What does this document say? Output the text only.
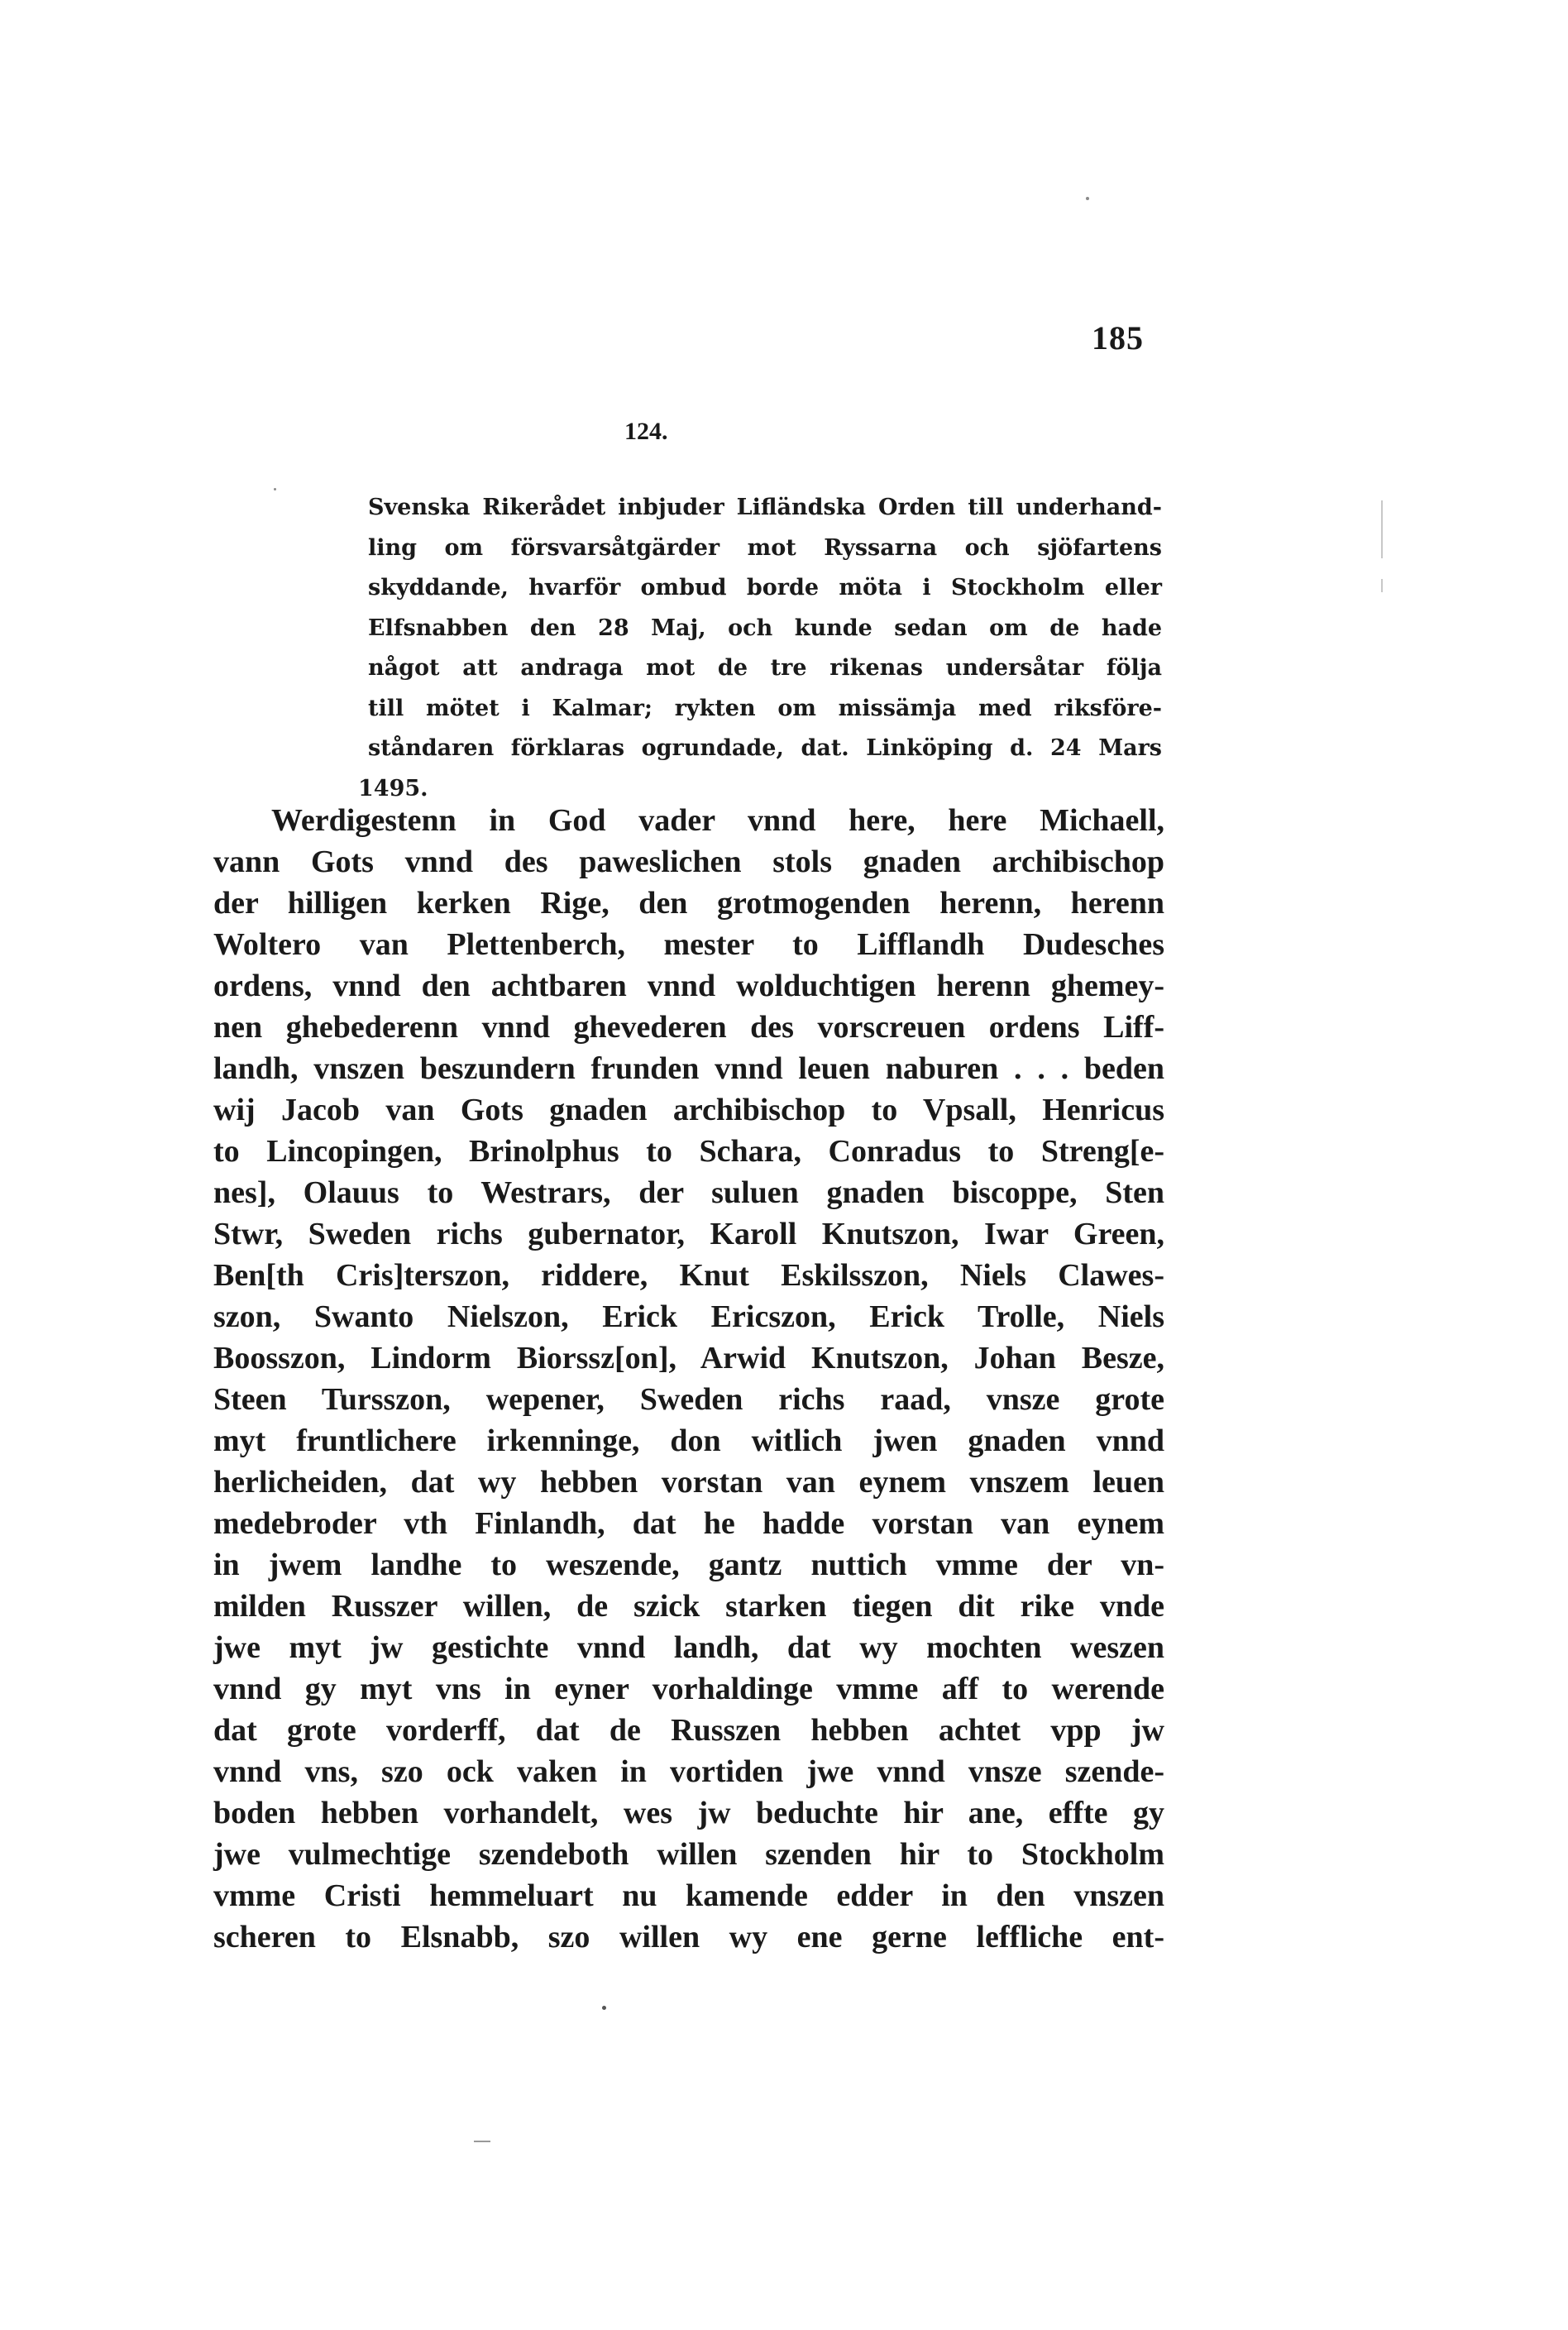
185
124.
Svenska Rikerådet inbjuder Lifländska Orden till underhand-
ling om försvarsåtgärder mot Ryssarna och sjöfartens
skyddande, hvarför ombud borde möta i Stockholm eller
Elfsnabben den 28 Maj, och kunde sedan om de hade
något att andraga mot de tre rikenas undersåtar följa
till mötet i Kalmar; rykten om missämja med riksföre-
ståndaren förklaras ogrundade, dat. Linköping d. 24 Mars
1495.
Werdigestenn in God vader vnnd here, here Michaell,
vann Gots vnnd des paweslichen stols gnaden archibischop
der hilligen kerken Rige, den grotmogenden herenn, herenn
Woltero van Plettenberch, mester to Lifflandh Dudesches
ordens, vnnd den achtbaren vnnd wolduchtigen herenn ghemey-
nen ghebederenn vnnd ghevederen des vorscreuen ordens Liff-
landh, vnszen beszundern frunden vnnd leuen naburen . . . beden
wij Jacob van Gots gnaden archibischop to Vpsall, Henricus
to Lincopingen, Brinolphus to Schara, Conradus to Streng[e-
nes], Olauus to Westrars, der suluen gnaden biscoppe, Sten
Stwr, Sweden richs gubernator, Karoll Knutszon, Iwar Green,
Ben[th Cris]terszon, riddere, Knut Eskilsszon, Niels Clawes-
szon, Swanto Nielszon, Erick Ericszon, Erick Trolle, Niels
Boosszon, Lindorm Biorssz[on], Arwid Knutszon, Johan Besze,
Steen Tursszon, wepener, Sweden richs raad, vnsze grote
myt fruntlichere irkenninge, don witlich jwen gnaden vnnd
herlicheiden, dat wy hebben vorstan van eynem vnszem leuen
medebroder vth Finlandh, dat he hadde vorstan van eynem
in jwem landhe to weszende, gantz nuttich vmme der vn-
milden Russzer willen, de szick starken tiegen dit rike vnde
jwe myt jw gestichte vnnd landh, dat wy mochten weszen
vnnd gy myt vns in eyner vorhaldinge vmme aff to werende
dat grote vorderff, dat de Russzen hebben achtet vpp jw
vnnd vns, szo ock vaken in vortiden jwe vnnd vnsze szende-
boden hebben vorhandelt, wes jw beduchte hir ane, effte gy
jwe vulmechtige szendeboth willen szenden hir to Stockholm
vmme Cristi hemmeluart nu kamende edder in den vnszen
scheren to Elsnabb, szo willen wy ene gerne leffliche ent-
